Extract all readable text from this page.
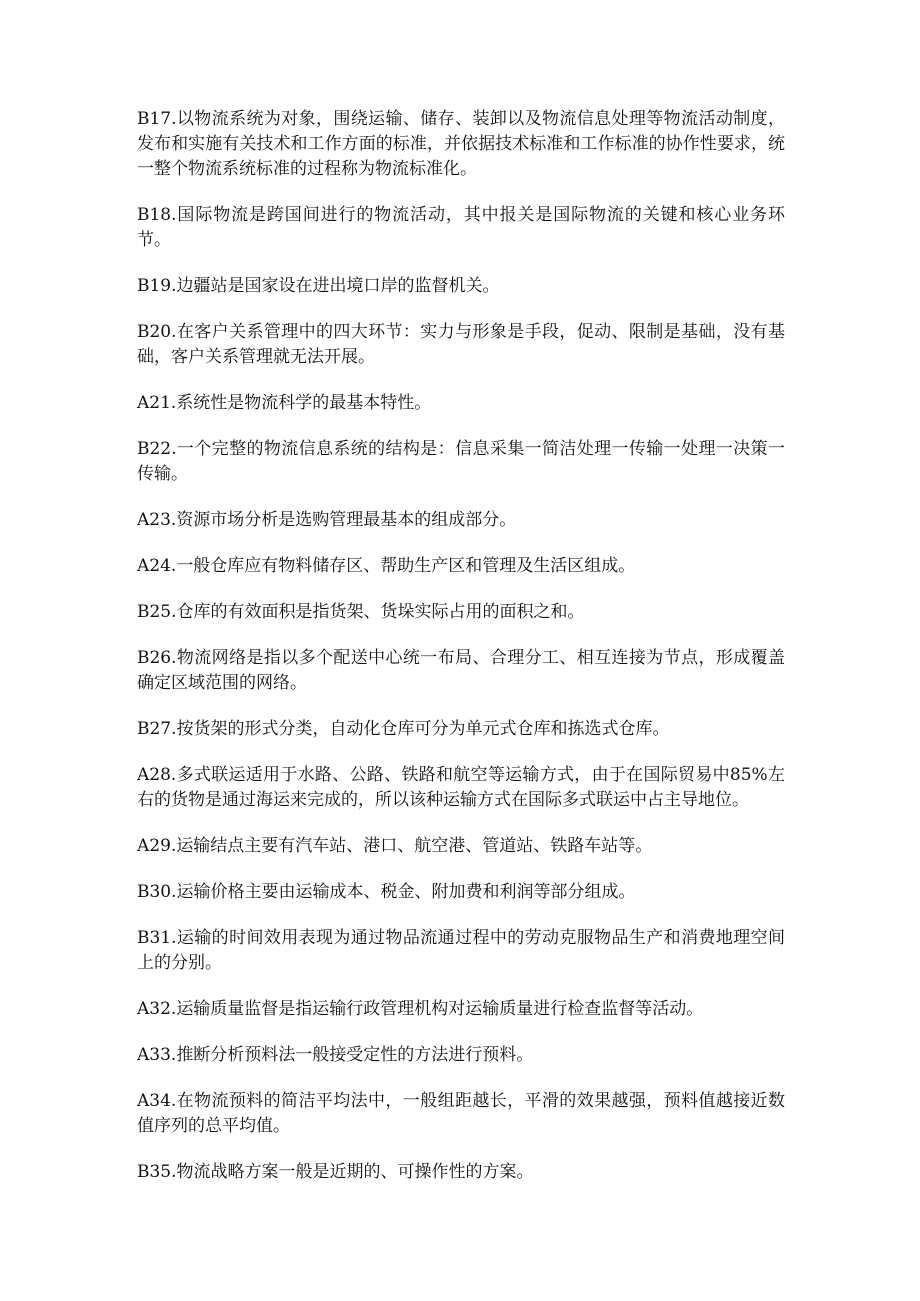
B17.以物流系统为对象，围绕运输、储存、装卸以及物流信息处理等物流活动制度，发布和实施有关技术和工作方面的标准，并依据技术标准和工作标准的协作性要求，统一整个物流系统标准的过程称为物流标准化。

B18.国际物流是跨国间进行的物流活动，其中报关是国际物流的关键和核心业务环节。

B19.边疆站是国家设在进出境口岸的监督机关。

B20.在客户关系管理中的四大环节：实力与形象是手段，促动、限制是基础，没有基础，客户关系管理就无法开展。

A21.系统性是物流科学的最基本特性。

B22.一个完整的物流信息系统的结构是：信息采集一简洁处理一传输一处理一决策一传输。

A23.资源市场分析是选购管理最基本的组成部分。

A24.一般仓库应有物料储存区、帮助生产区和管理及生活区组成。

B25.仓库的有效面积是指货架、货垛实际占用的面积之和。

B26.物流网络是指以多个配送中心统一布局、合理分工、相互连接为节点，形成覆盖确定区域范围的网络。

B27.按货架的形式分类，自动化仓库可分为单元式仓库和拣选式仓库。

A28.多式联运适用于水路、公路、铁路和航空等运输方式，由于在国际贸易中85%左右的货物是通过海运来完成的，所以该种运输方式在国际多式联运中占主导地位。

A29.运输结点主要有汽车站、港口、航空港、管道站、铁路车站等。

B30.运输价格主要由运输成本、税金、附加费和利润等部分组成。

B31.运输的时间效用表现为通过物品流通过程中的劳动克服物品生产和消费地理空间上的分别。

A32.运输质量监督是指运输行政管理机构对运输质量进行检查监督等活动。

A33.推断分析预料法一般接受定性的方法进行预料。

A34.在物流预料的简洁平均法中，一般组距越长，平滑的效果越强，预料值越接近数值序列的总平均值。

B35.物流战略方案一般是近期的、可操作性的方案。
